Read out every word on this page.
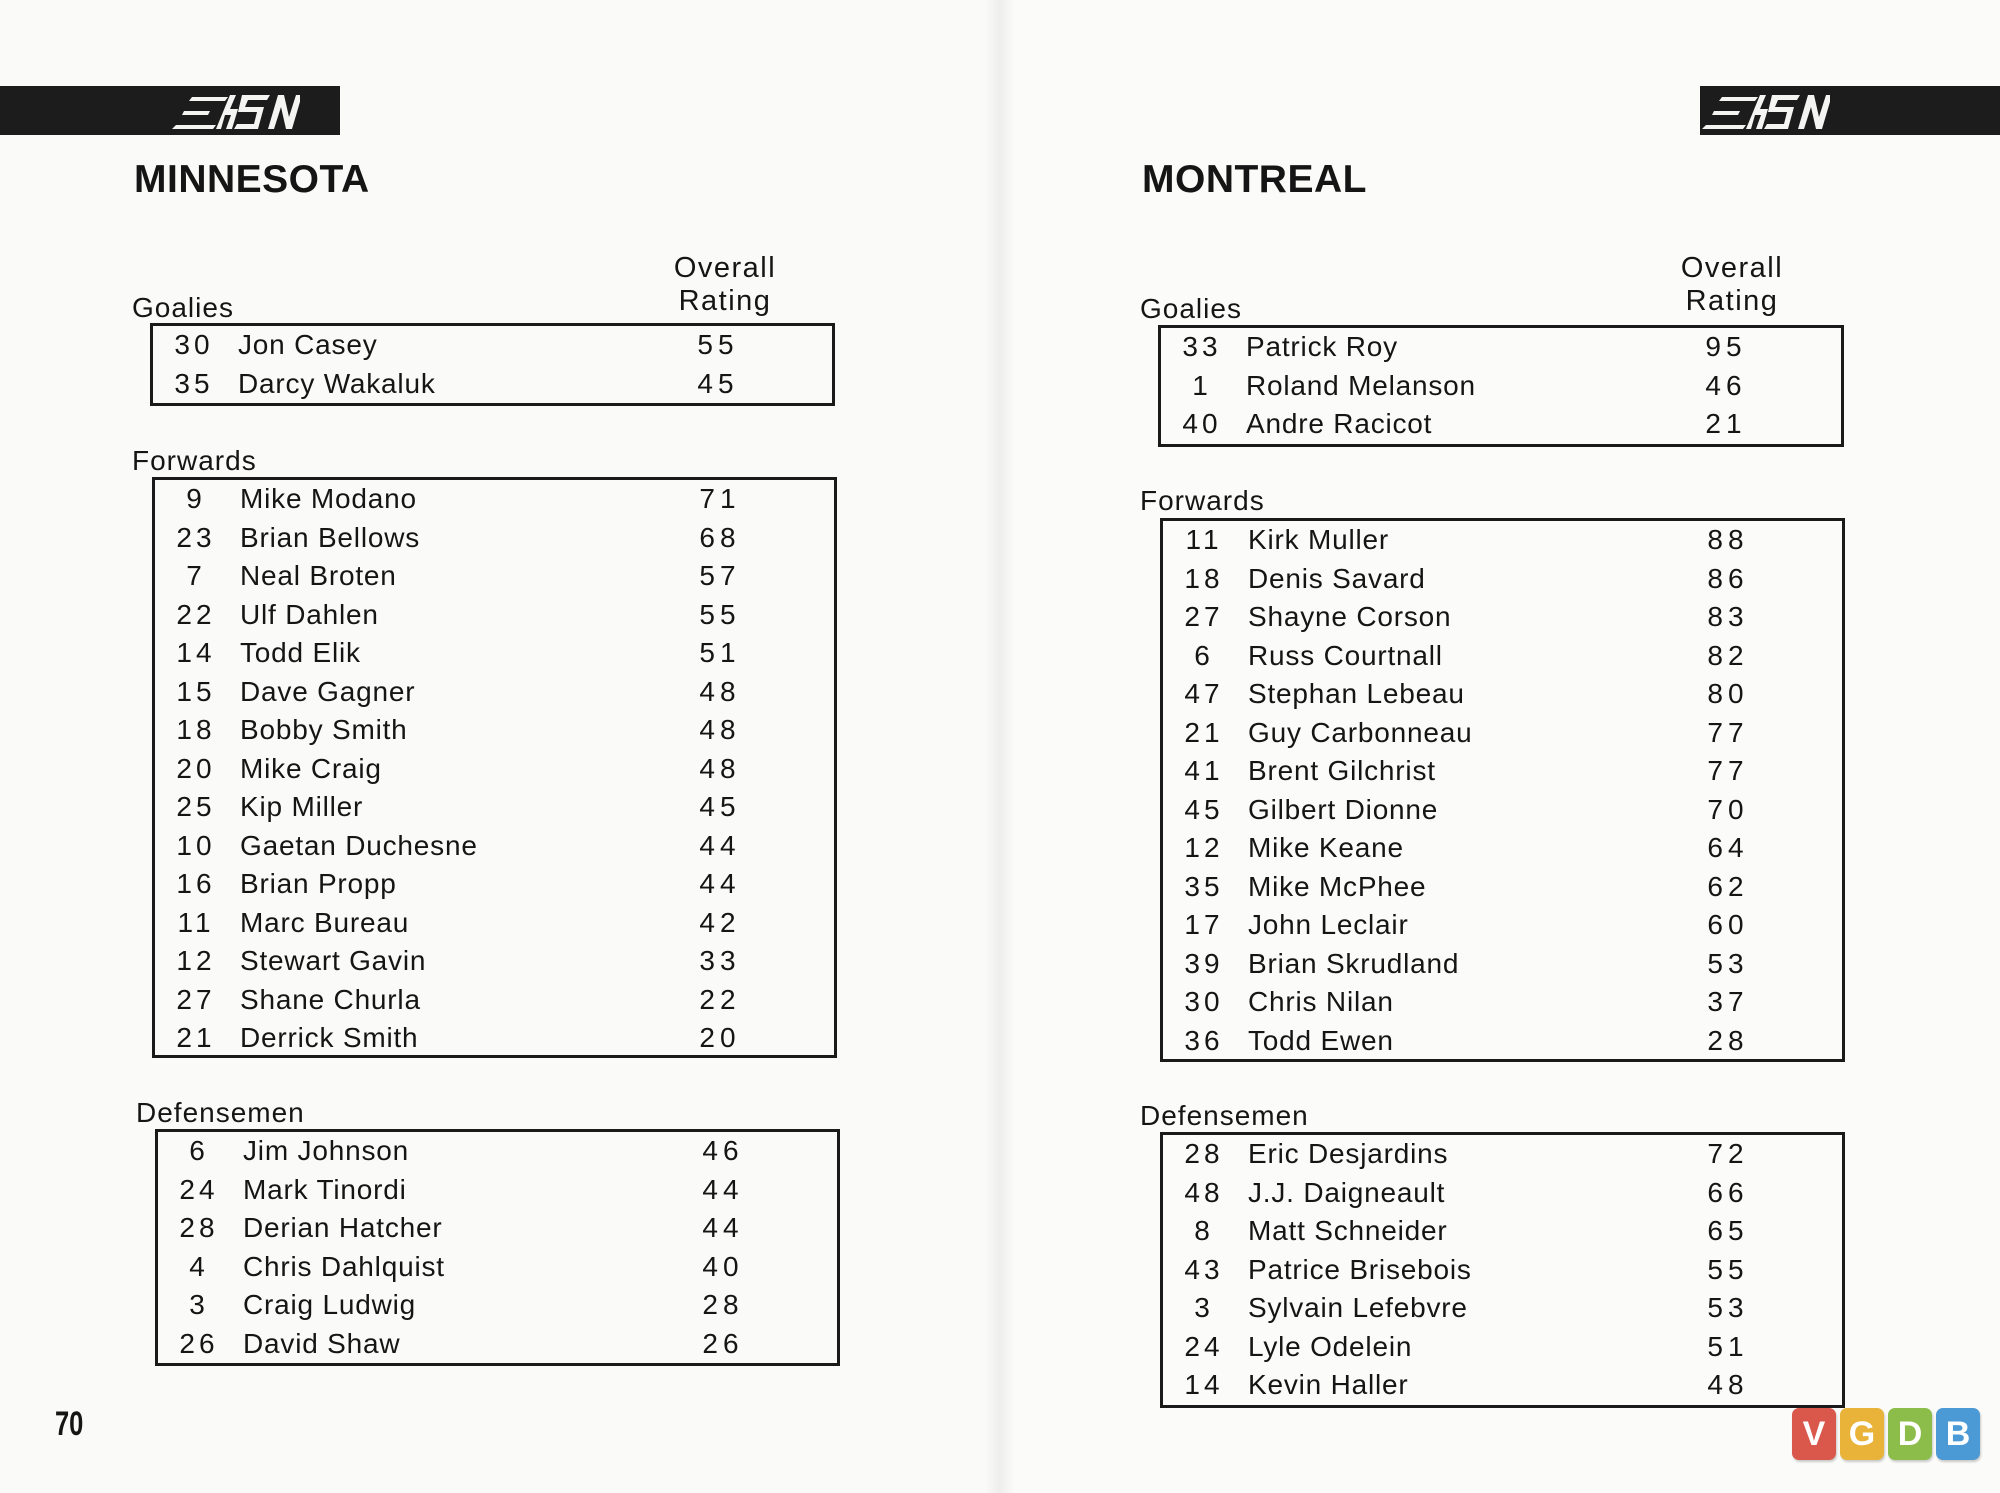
MINNESOTA
Overall
Rating
Goalies
30 Jon Casey	55
35 Darcy Wakaluk	45
Forwards
9	Mike Modano	71
23 Brian Bellows	68
7	Neal Broten	57
22 Ulf Dahlen	55
14 Todd Elik	51
15 Dave Gagner	48
18 Bobby Smith	48
20 Mike Craig	48
25 Kip Miller	45
10 Gaetan Duchesne	44
16 Brian Propp	44
11 Marc Bureau	42
12 Stewart Gavin	33
27 Shane Churla	22
21 Derrick Smith	20
Defensemen
6	Jim Johnson	46
24 Mark Tinordi	44
28 Derian Hatcher	44
4	Chris Dahlquist	40
3	Craig Ludwig	28
26 David Shaw	26
70
MONTREAL
Overall
Rating
Goalies
33 Patrick Roy	95
1	Roland Melanson	46
40 Andre Racicot	21
Forwards
11 Kirk Muller	88
18 Denis Savard	86
27 Shayne Corson	83
6	Russ Courtnall	82
47 Stephan Lebeau	80
21 Guy Carbonneau	77
41 Brent Gilchrist	77
45 Gilbert Dionne	70
12 Mike Keane	64
35 Mike McPhee	62
17 John Leclair	60
39 Brian Skrudland	53
30 Chris Nilan	37
36 Todd Ewen	28
Defensemen
28 Eric Desjardins	72
48 J.J. Daigneault	66
8	Matt Schneider	65
43 Patrice Brisebois	55
3	Sylvain Lefebvre	53
24 Lyle Odelein	51
14 Kevin Haller	48
V G D B
